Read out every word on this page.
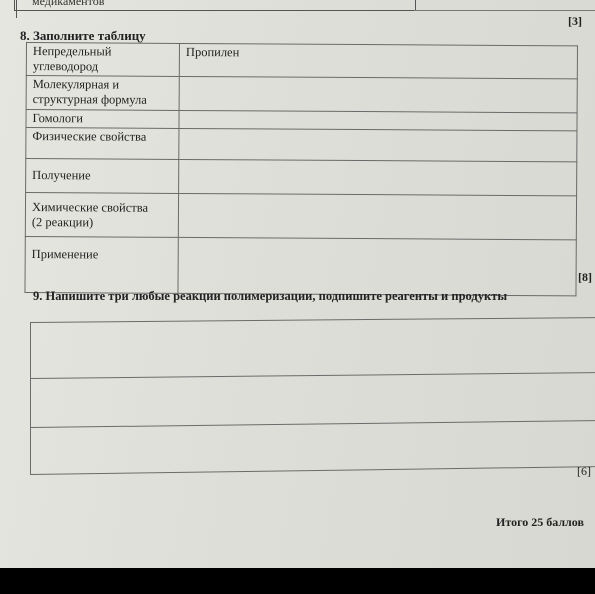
медикаментов
[3]
8. Заполните таблицу
Непредельный
углеводород	Пропилен

Молекулярная и
структурная формула	

Гомологи	

Физические свойства	

Получение	

Химические свойства
(2 реакции)	

Применение	

[8]
9. Напишите три любые реакции полимеризации, подпишите реагенты и продукты
[6]
Итого 25 баллов
